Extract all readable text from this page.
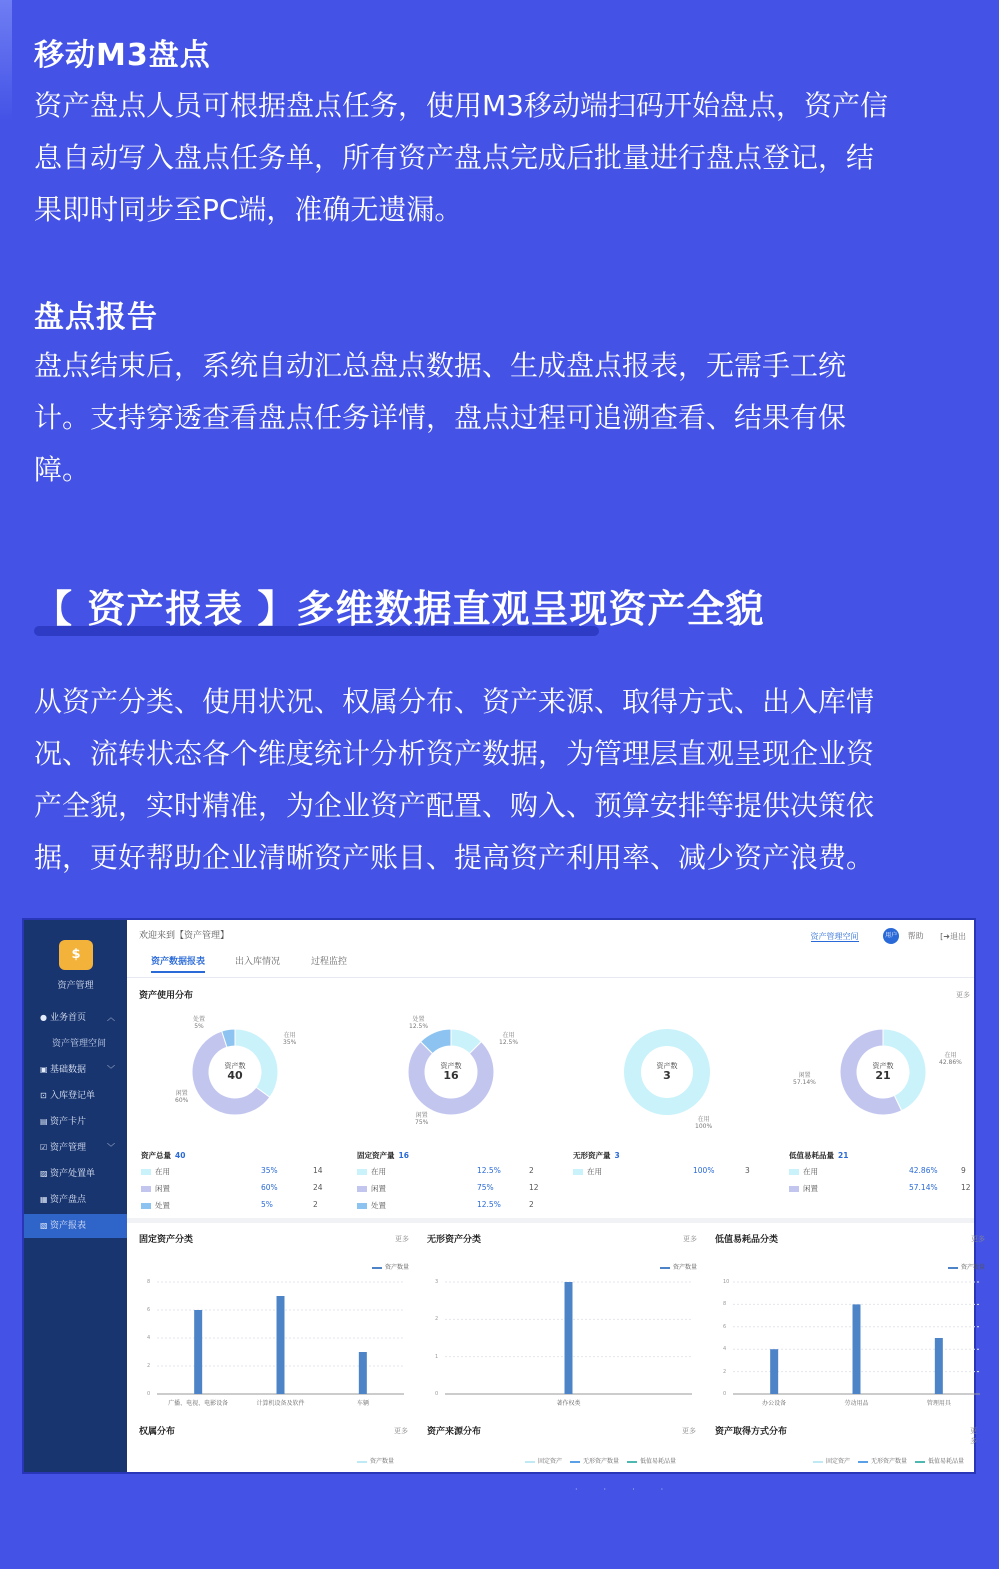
移动M3盘点
资产盘点人员可根据盘点任务，使用M3移动端扫码开始盘点，资产信
息自动写入盘点任务单，所有资产盘点完成后批量进行盘点登记，结
果即时同步至PC端，准确无遗漏。
盘点报告
盘点结束后，系统自动汇总盘点数据、生成盘点报表，无需手工统
计。支持穿透查看盘点任务详情，盘点过程可追溯查看、结果有保
障。
【 资产报表 】多维数据直观呈现资产全貌
从资产分类、使用状况、权属分布、资产来源、取得方式、出入库情
况、流转状态各个维度统计分析资产数据，为管理层直观呈现企业资
产全貌，实时精准，为企业资产配置、购入、预算安排等提供决策依
据，更好帮助企业清晰资产账目、提高资产利用率、减少资产浪费。
$
资产管理
● 业务首页	︿
资产管理空间
▣ 基础数据	﹀
⊡ 入库登记单
▤ 资产卡片
☑ 资产管理	﹀
▨ 资产处置单
▦ 资产盘点
▧ 资产报表
欢迎来到【资产管理】	资产管理空间	用户 帮助 [➜退出
资产数据报表	出入库情况	过程监控
资产使用分布	更多
资产数
40
处置
5%
在用
35%
闲置
60%
资产数
16
处置
12.5%
在用
12.5%
闲置
75%
资产数
3
在用
100%
资产数
21
在用
42.86%
闲置
57.14%
资产总量 40
在用	35%	14
闲置	60%	24
处置	5%	2
固定资产量 16
在用	12.5%	2
闲置	75%	12
处置	12.5%	2
无形资产量 3
在用	100%	3
低值易耗品量 21
在用	42.86%	9
闲置	57.14%	12
固定资产分类	更多
资产数量
0
2
4
6
8
广播、电视、电影设备	计算机设备及软件	车辆
无形资产分类	更多
资产数量
0
1
2
3
著作权类
低值易耗品分类	更多
资产数量
0
2
4
6
8
10
办公设备	劳动用品	管理用具
权属分布	更多
资产数量
资产来源分布	更多
固定资产	无形资产数量	低值易耗品量
资产取得方式分布	更多
固定资产	无形资产数量	低值易耗品量
····
